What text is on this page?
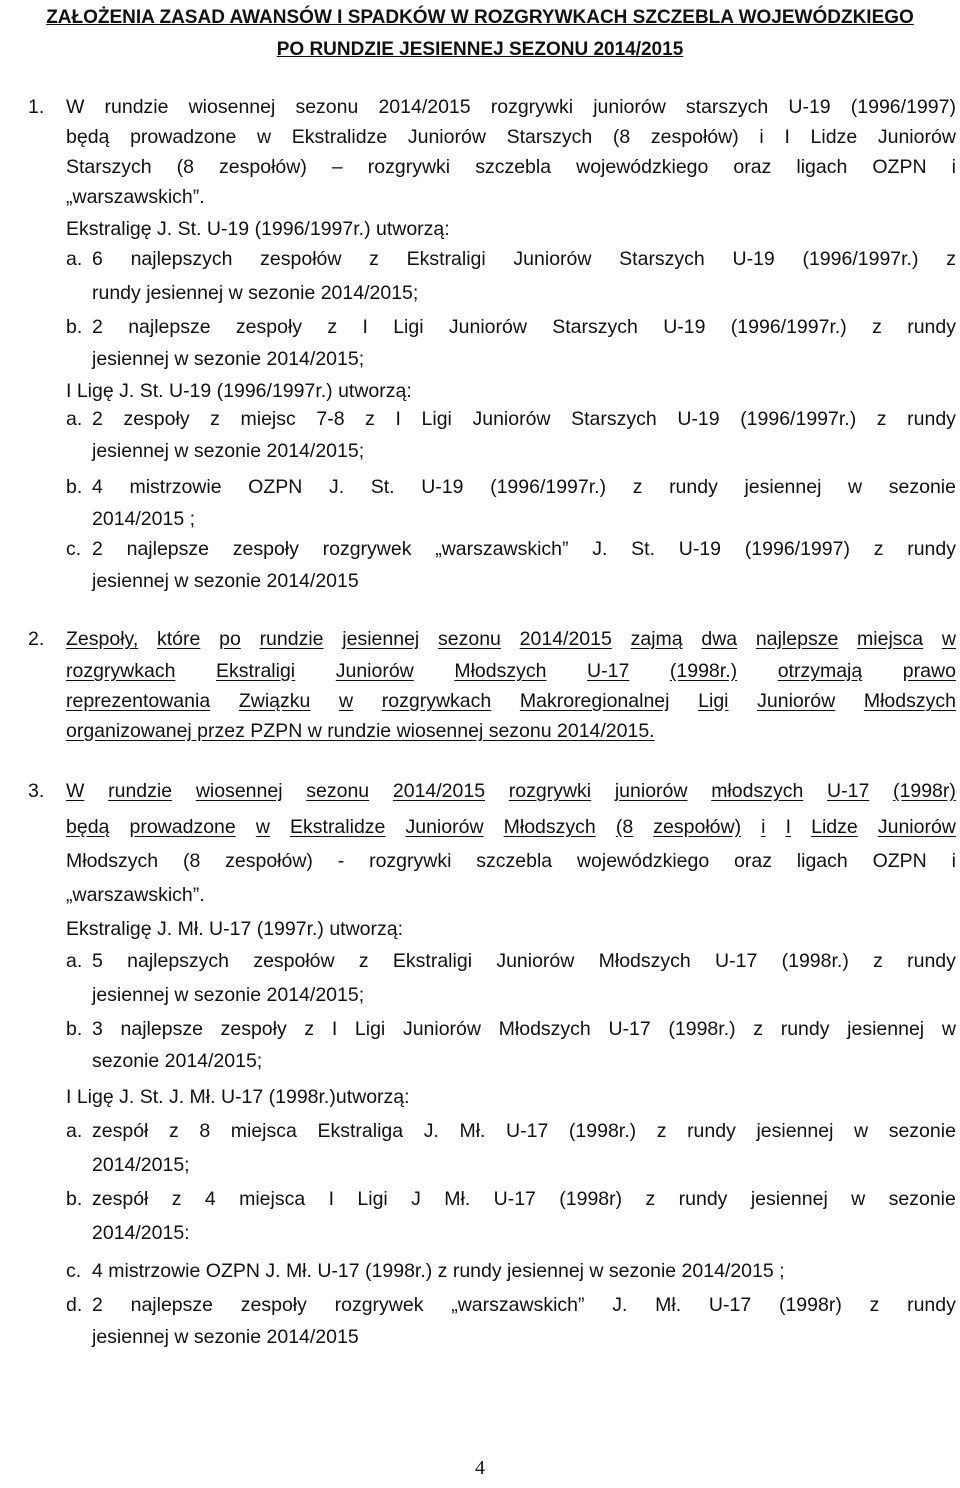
ZAŁOŻENIA ZASAD AWANSÓW I SPADKÓW W ROZGRYWKACH SZCZEBLA WOJEWÓDZKIEGO
PO RUNDZIE JESIENNEJ SEZONU 2014/2015
1. W rundzie wiosennej sezonu 2014/2015 rozgrywki juniorów starszych U-19 (1996/1997)
będą prowadzone w Ekstralidze Juniorów Starszych (8 zespołów) i I Lidze Juniorów
Starszych (8 zespołów) – rozgrywki szczebla wojewódzkiego oraz ligach OZPN i
„warszawskich”.
Ekstraligę J. St. U-19 (1996/1997r.) utworzą:
a. 6 najlepszych zespołów z Ekstraligi Juniorów Starszych U-19 (1996/1997r.) z
rundy jesiennej w sezonie 2014/2015;
b. 2 najlepsze zespoły z I Ligi Juniorów Starszych U-19 (1996/1997r.) z rundy
jesiennej w sezonie 2014/2015;
I Ligę J. St. U-19 (1996/1997r.) utworzą:
a. 2 zespoły z miejsc 7-8 z I Ligi Juniorów Starszych U-19 (1996/1997r.) z rundy
jesiennej w sezonie 2014/2015;
b. 4 mistrzowie OZPN J. St. U-19 (1996/1997r.) z rundy jesiennej w sezonie
2014/2015 ;
c. 2 najlepsze zespoły rozgrywek „warszawskich” J. St. U-19 (1996/1997) z rundy
jesiennej w sezonie 2014/2015
2. Zespoły, które po rundzie jesiennej sezonu 2014/2015 zajmą dwa najlepsze miejsca w
rozgrywkach Ekstraligi Juniorów Młodszych U-17 (1998r.) otrzymają prawo
reprezentowania Związku w rozgrywkach Makroregionalnej Ligi Juniorów Młodszych
organizowanej przez PZPN w rundzie wiosennej sezonu 2014/2015.
3. W rundzie wiosennej sezonu 2014/2015 rozgrywki juniorów młodszych U-17 (1998r)
będą prowadzone w Ekstralidze Juniorów Młodszych (8 zespołów) i I Lidze Juniorów
Młodszych (8 zespołów) - rozgrywki szczebla wojewódzkiego oraz ligach OZPN i
„warszawskich”.
Ekstraligę J. Mł. U-17 (1997r.) utworzą:
a. 5 najlepszych zespołów z Ekstraligi Juniorów Młodszych U-17 (1998r.) z rundy
jesiennej w sezonie 2014/2015;
b. 3 najlepsze zespoły z I Ligi Juniorów Młodszych U-17 (1998r.) z rundy jesiennej w
sezonie 2014/2015;
I Ligę J. St. J. Mł. U-17 (1998r.)utworzą:
a. zespół z 8 miejsca Ekstraliga J. Mł. U-17 (1998r.) z rundy jesiennej w sezonie
2014/2015;
b. zespół z 4 miejsca I Ligi J Mł. U-17 (1998r) z rundy jesiennej w sezonie
2014/2015:
c. 4 mistrzowie OZPN J. Mł. U-17 (1998r.) z rundy jesiennej w sezonie 2014/2015 ;
d. 2 najlepsze zespoły rozgrywek „warszawskich” J. Mł. U-17 (1998r) z rundy
jesiennej w sezonie 2014/2015
4
